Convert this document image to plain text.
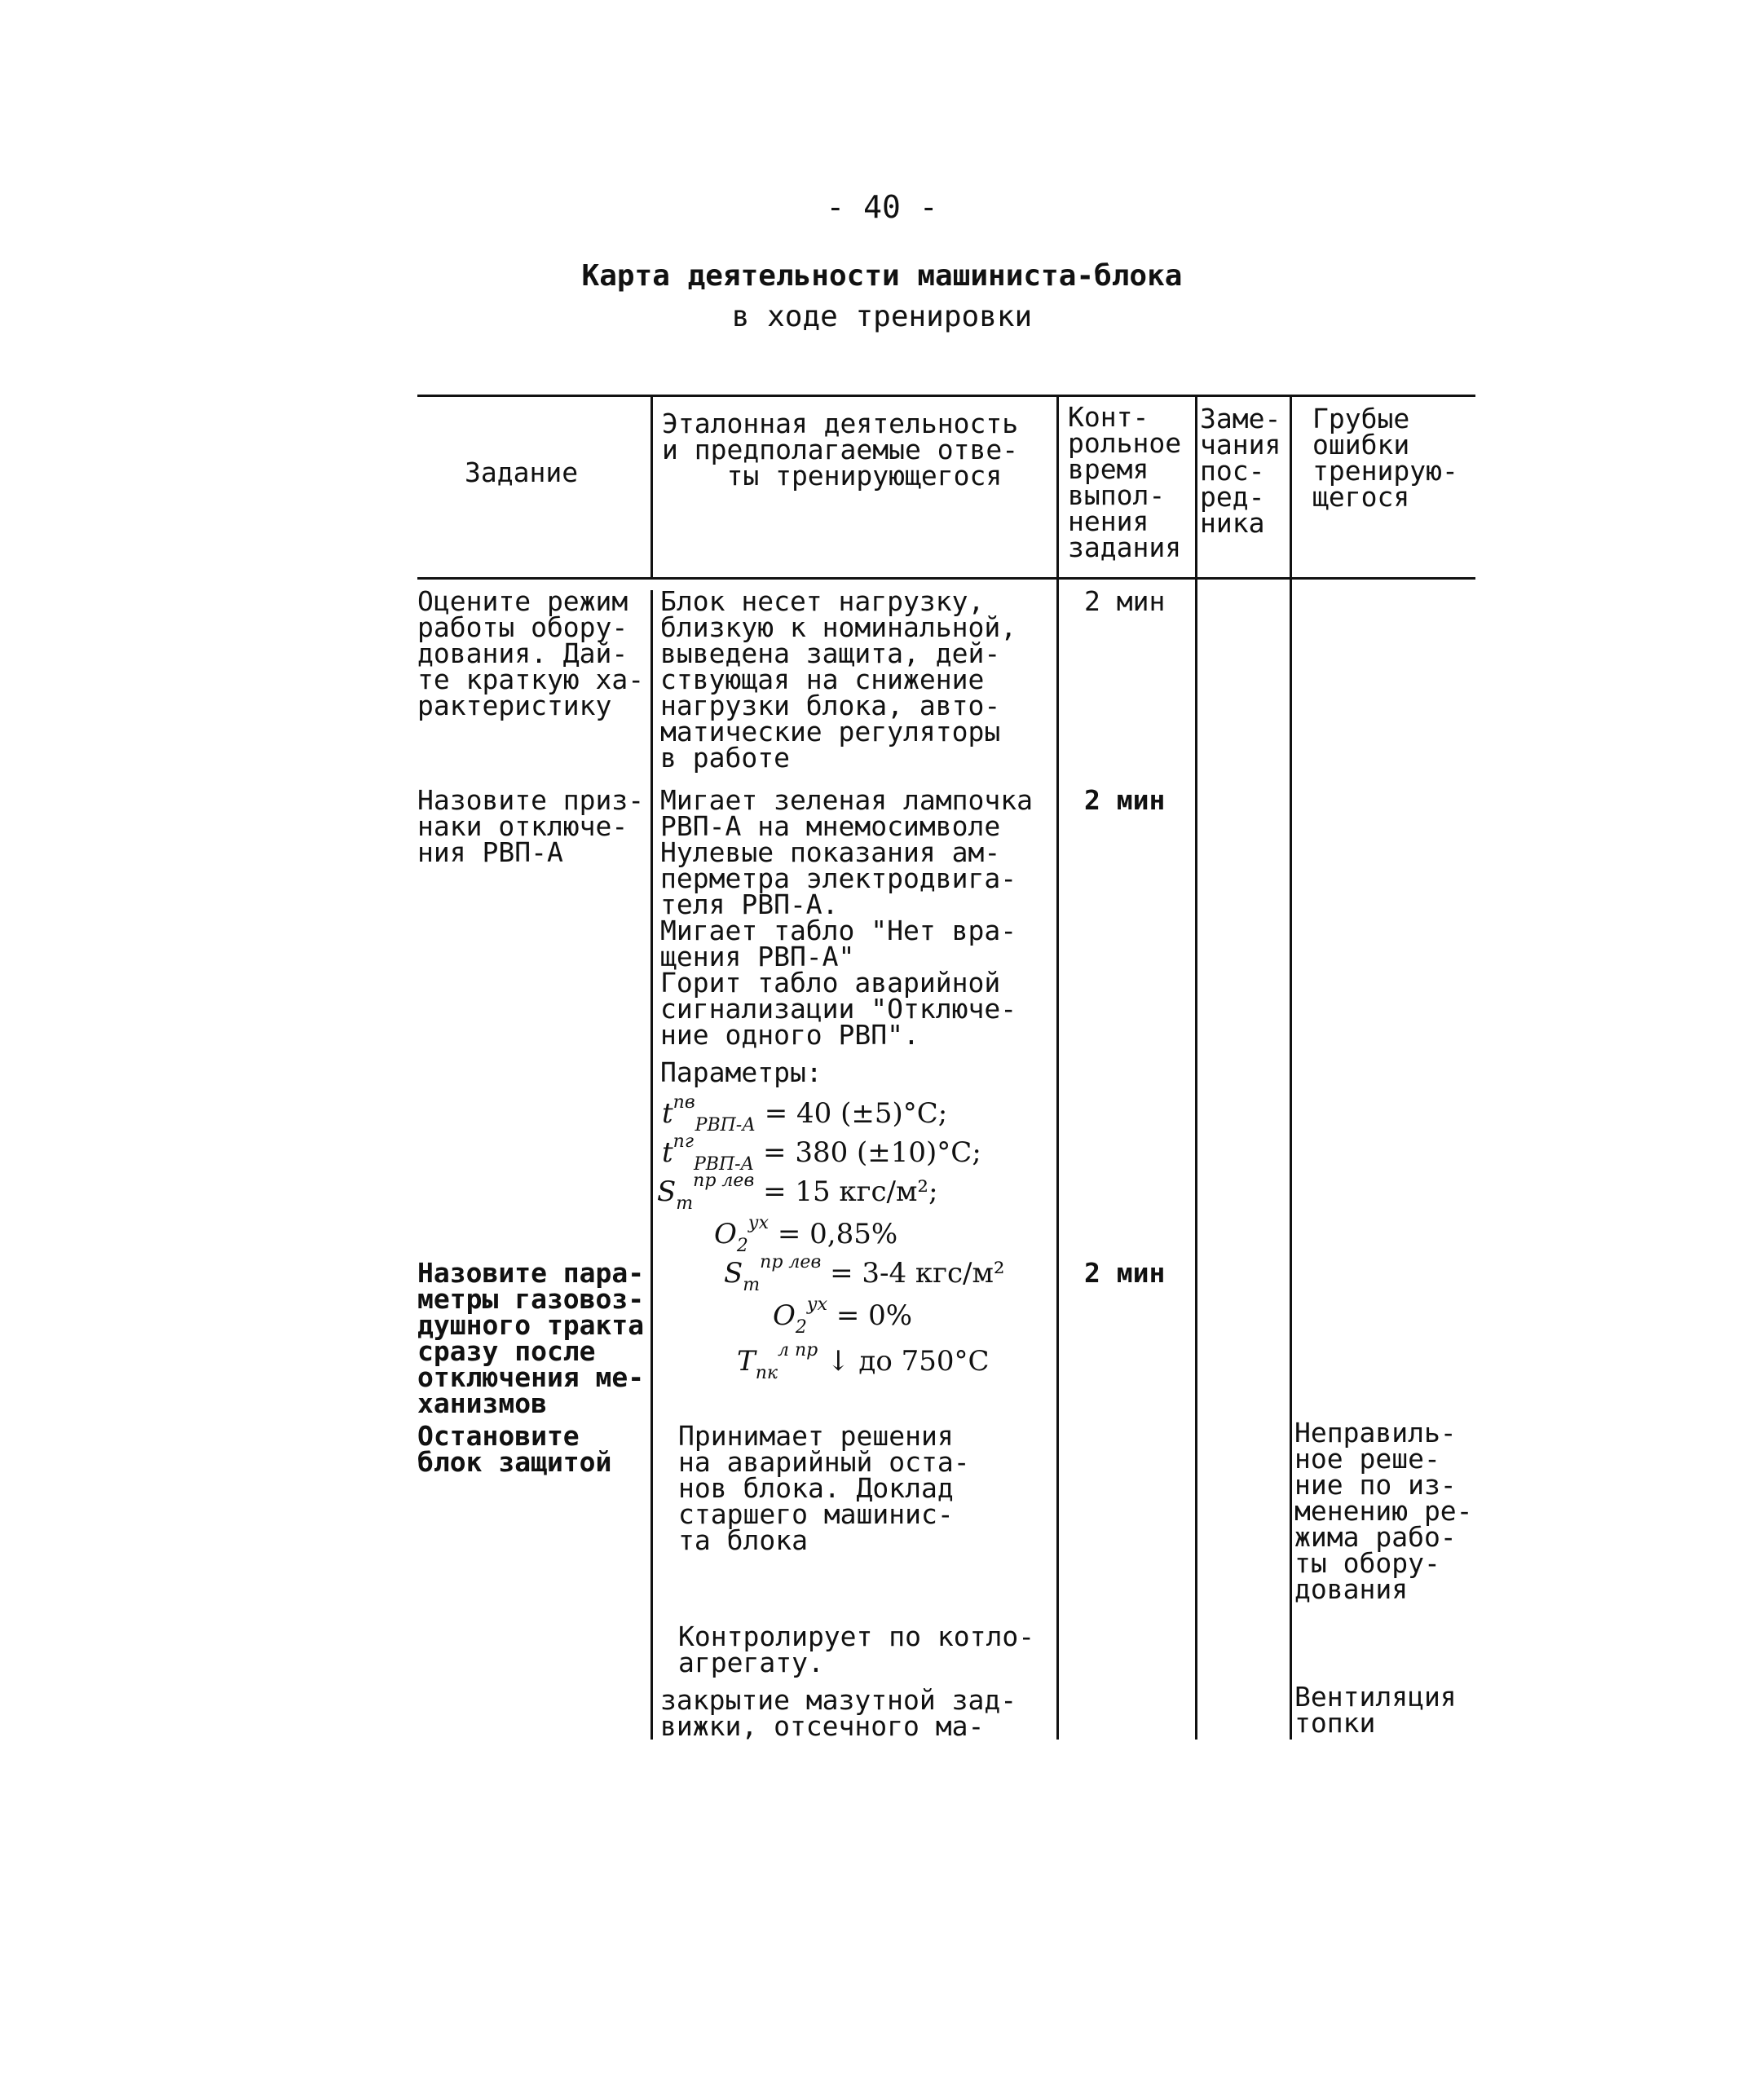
- 40 -
Карта деятельности машиниста-блока
в ходе тренировки
Задание
Эталонная деятельность
и предполагаемые отве-
ты тренирующегося
Конт-
рольное
время
выпол-
нения
задания
Заме-
чания
пос-
ред-
ника
Грубые
ошибки
тренирую-
щегося
Оцените режим
работы обору-
дования. Дай-
те краткую ха-
рактеристику
Блок несет нагрузку,
близкую к номинальной,
выведена защита, дей-
ствующая на снижение
нагрузки блока, авто-
матические регуляторы
в работе
2 мин
Назовите приз-
наки отключе-
ния РВП-А
Мигает зеленая лампочка
РВП-А на мнемосимволе
Нулевые показания ам-
перметра электродвига-
теля РВП-А.
Мигает табло "Нет вра-
щения РВП-А"
Горит табло аварийной
сигнализации "Отключе-
ние одного РВП".
2 мин
Параметры:
$t^{пв}_{РВП-А} = 40$ (±5)°С;
$t^{пг}_{РВП-А} = 380$ (±10)°С;
$S_т^{пр лев} = 15$ кгс/м²;
$O_2^{ух} = 0,85\%$
$S_т^{пр лев} = 3-4$ кгс/м²
$O_2^{ух} = 0\%$
$T_{пк}^{л пр}$ ↓ до 750°С
Назовите пара-
метры газовоз-
душного тракта
сразу после
отключения ме-
ханизмов
2 мин
Остановите
блок защитой
Принимает решения
на аварийный оста-
нов блока. Доклад
старшего машинис-
та блока
Неправиль-
ное реше-
ние по из-
менению ре-
жима рабо-
ты обору-
дования
Контролирует по котло-
агрегату.
закрытие мазутной зад-
вижки, отсечного ма-
Вентиляция
топки
